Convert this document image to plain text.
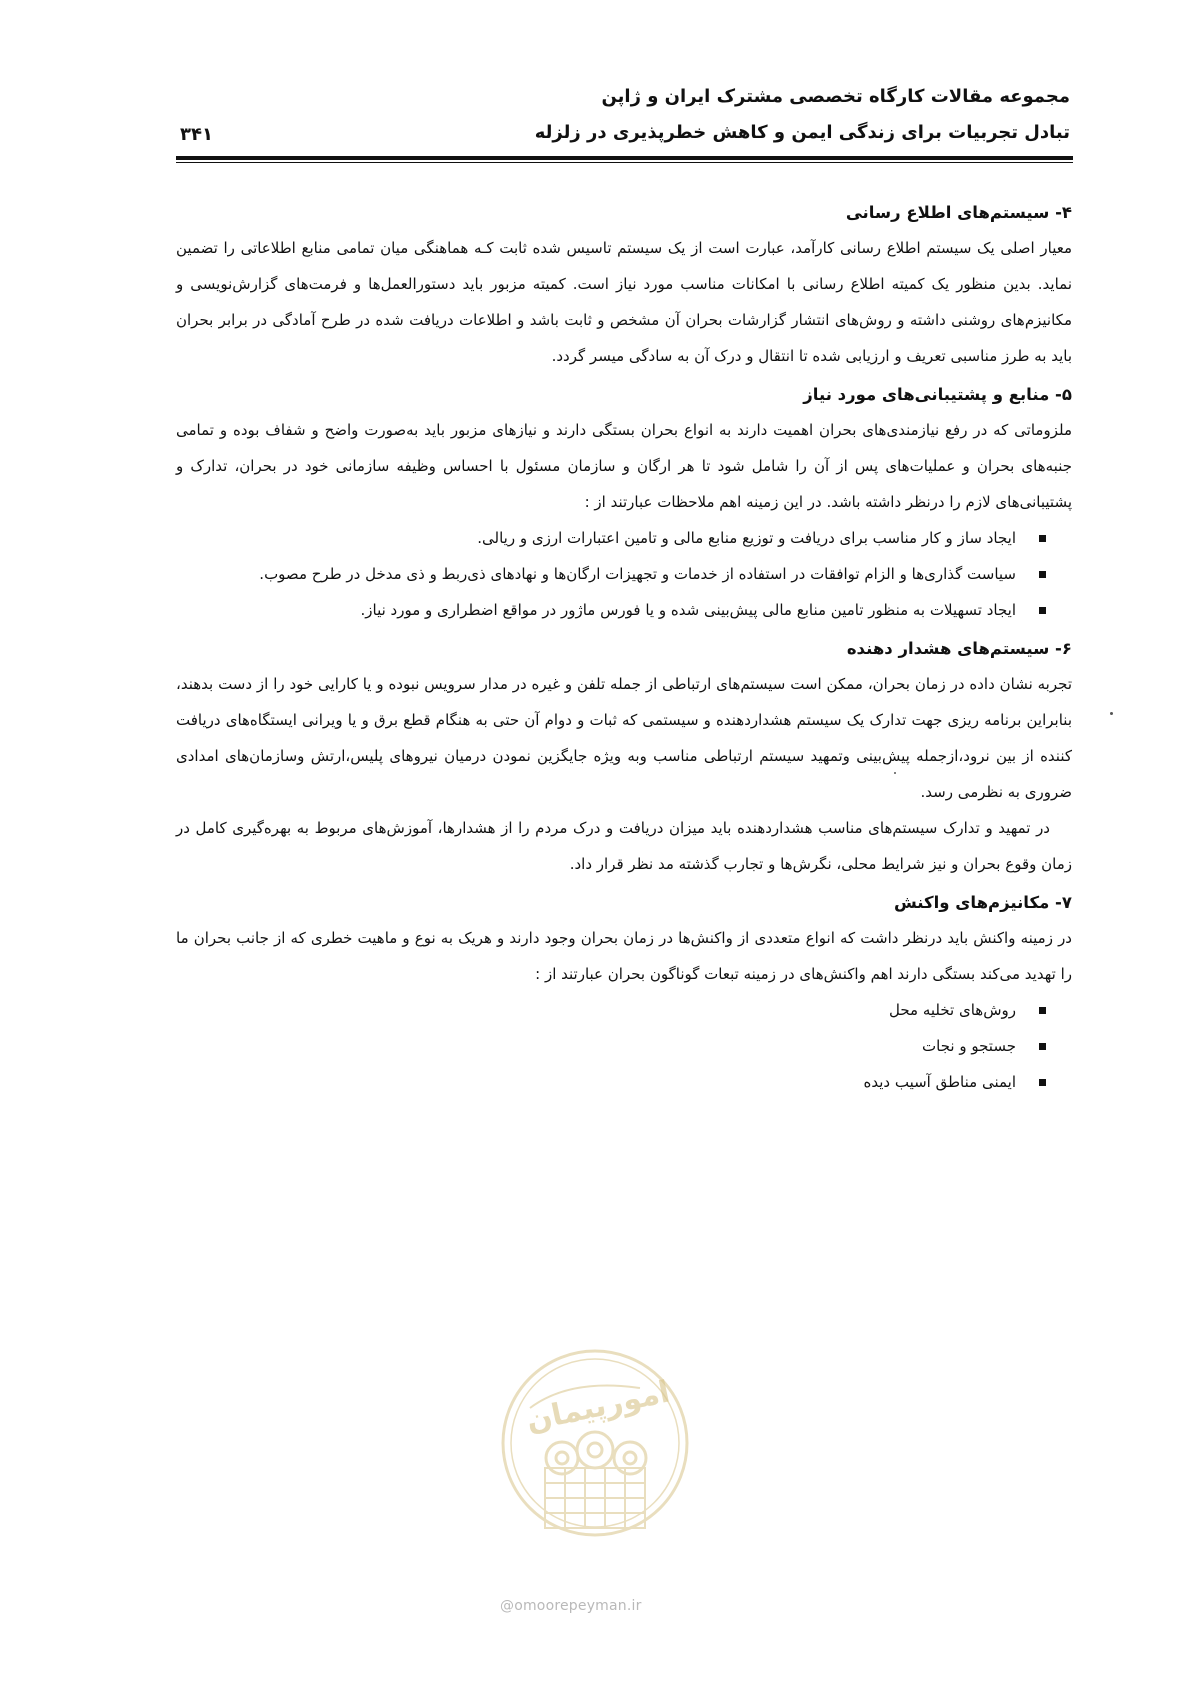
مجموعه مقالات کارگاه تخصصی مشترک ایران و ژاپن
تبادل تجربیات برای زندگی ایمن و کاهش خطرپذیری در زلزله
۳۴۱
۴- سیستم‌های اطلاع رسانی

معیار اصلی یک سیستم اطلاع رسانی کارآمد، عبارت است از یک سیستم تاسیس شده ثابت کـه هماهنگی میان تمامی منابع اطلاعاتی را تضمین نماید. بدین منظور یک کمیته اطلاع رسانی با امکانات مناسب مورد نیاز است. کمیته مزبور باید دستورالعمل‌ها و فرمت‌های گزارش‌نویسی و مکانیزم‌های روشنی داشته و روش‌های انتشار گزارشات بحران آن مشخص و ثابت باشد و اطلاعات دریافت شده در طرح آمادگی در برابر بحران باید به طرز مناسبی تعریف و ارزیابی شده تا انتقال و درک آن به سادگی میسر گردد.

۵- منابع و پشتیبانی‌های مورد نیاز

ملزوماتی که در رفع نیازمندی‌های بحران اهمیت دارند به انواع بحران بستگی دارند و نیازهای مزبور باید به‌صورت واضح و شفاف بوده و تمامی جنبه‌های بحران و عملیات‌های پس از آن را شامل شود تا هر ارگان و سازمان مسئول با احساس وظیفه سازمانی خود در بحران، تدارک و پشتیبانی‌های لازم را درنظر داشته باشد. در این زمینه اهم ملاحظات عبارتند از :

ایجاد ساز و کار مناسب برای دریافت و توزیع منابع مالی و تامین اعتبارات ارزی و ریالی.
سیاست گذاری‌ها و الزام توافقات در استفاده از خدمات و تجهیزات ارگان‌ها و نهادهای ذی‌ربط و ذی مدخل در طرح مصوب.
ایجاد تسهیلات به منظور تامین منابع مالی پیش‌بینی شده و یا فورس ماژور در مواقع اضطراری و مورد نیاز.
۶- سیستم‌های هشدار دهنده

تجربه نشان داده در زمان بحران، ممکن است سیستم‌های ارتباطی از جمله تلفن و غیره در مدار سرویس نبوده و یا کارایی خود را از دست بدهند، بنابراین برنامه ریزی جهت تدارک یک سیستم هشداردهنده و سیستمی که ثبات و دوام آن حتی به هنگام قطع برق و یا ویرانی ایستگاه‌های دریافت کننده از بین نرود،ازجمله پیش‌بینی وتمهید سیستم ارتباطی مناسب وبه ویژه جایگزین نمودن درمیان نیروهای پلیس،ارتش وسازمان‌های امدادی ضروری به نظرمی رسد.

در تمهید و تدارک سیستم‌های مناسب هشداردهنده باید میزان دریافت و درک مردم را از هشدارها، آموزش‌های مربوط به بهره‌گیری کامل در زمان وقوع بحران و نیز شرایط محلی، نگرش‌ها و تجارب گذشته مد نظر قرار داد.

۷- مکانیزم‌های واکنش

در زمینه واکنش باید درنظر داشت که انواع متعددی از واکنش‌ها در زمان بحران وجود دارند و هریک به نوع و ماهیت خطری که از جانب بحران ما را تهدید می‌کند بستگی دارند اهم واکنش‌های در زمینه تبعات گوناگون بحران عبارتند از :

روش‌های تخلیه محل
جستجو و نجات
ایمنی مناطق آسیب دیده
امورپیمان
@omoorepeyman.ir
